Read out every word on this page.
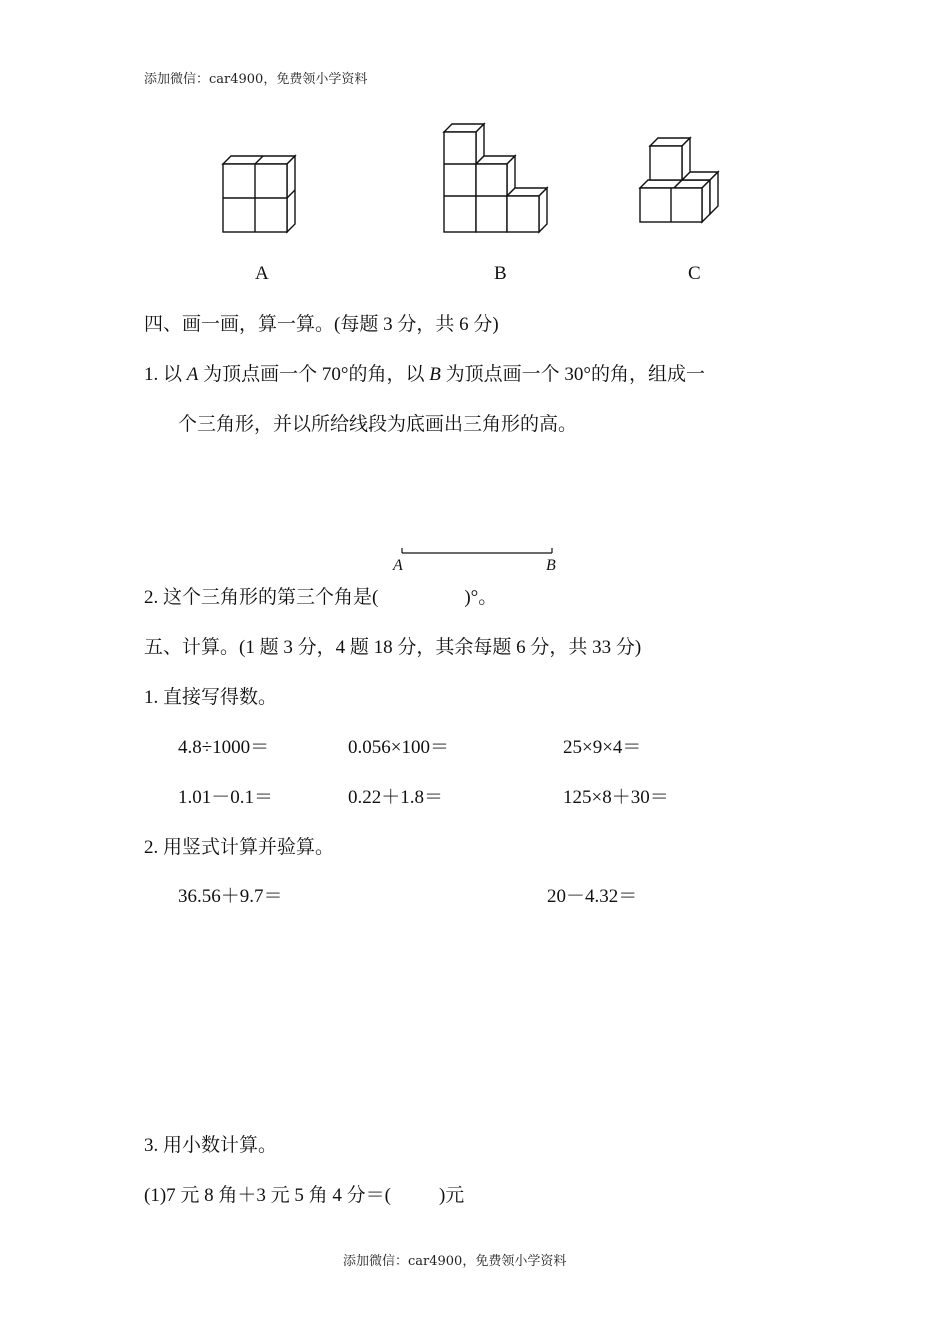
添加微信：car4900，免费领小学资料
A	B	C
四、画一画，算一算。(每题 3 分，共 6 分)
1. 以 A 为顶点画一个 70°的角，以 B 为顶点画一个 30°的角，组成一
个三角形，并以所给线段为底画出三角形的高。
A	B
2. 这个三角形的第三个角是(	)°。
五、计算。(1 题 3 分，4 题 18 分，其余每题 6 分，共 33 分)
1. 直接写得数。
4.8÷1000＝	0.056×100＝	25×9×4＝
1.01－0.1＝	0.22＋1.8＝	125×8＋30＝
2. 用竖式计算并验算。
36.56＋9.7＝	20－4.32＝
3. 用小数计算。
(1)7 元 8 角＋3 元 5 角 4 分＝(	)元
添加微信：car4900，免费领小学资料
